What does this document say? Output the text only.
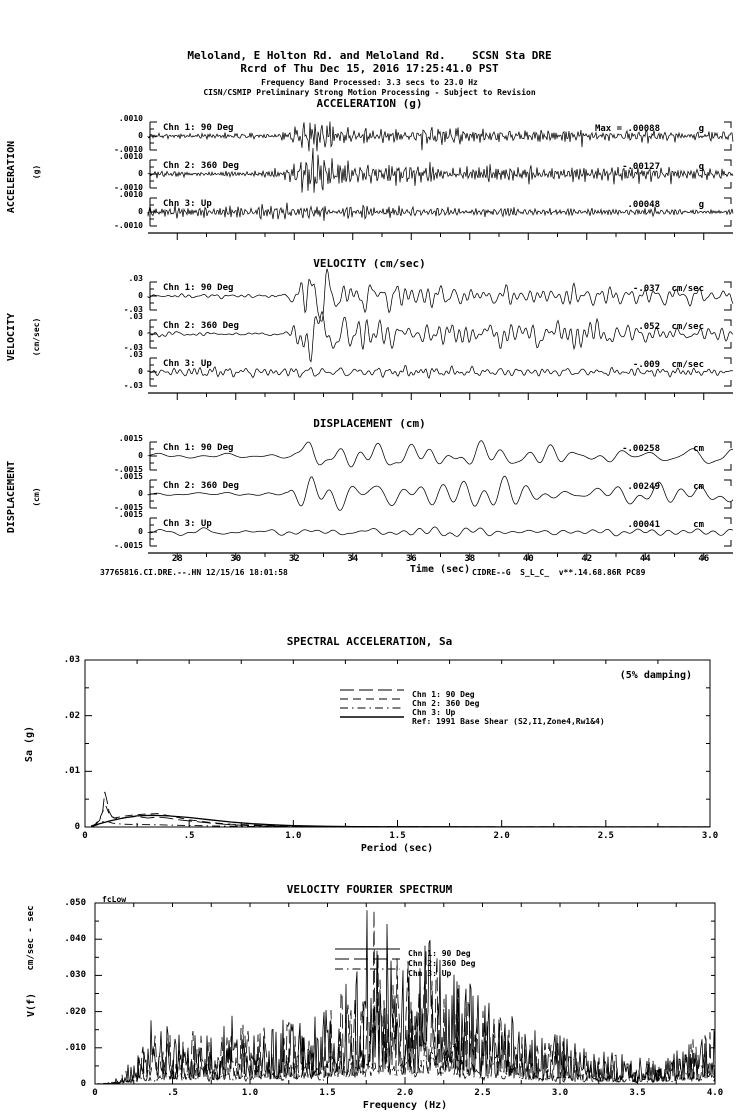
Meloland, E Holton Rd. and Meloland Rd.    SCSN Sta DRE
Rcrd of Thu Dec 15, 2016 17:25:41.0 PST
Frequency Band Processed: 3.3 secs to 23.0 Hz
CISN/CSMIP Preliminary Strong Motion Processing - Subject to Revision
ACCELERATION (g)
VELOCITY (cm/sec)
DISPLACEMENT (cm)
ACCELERATION (g)
VELOCITY (cm/sec)
DISPLACEMENT (cm)
.0010
0
-.0010
.0010
0
-.0010
.0010
0
-.0010
.03
0
-.03
.03
0
-.03
.03
0
-.03
.0015
0
-.0015
.0015
0
-.0015
.0015
0
-.0015
28	30	32	34	36	38	40	42	44	46
Time (sec)
37765816.CI.DRE.--.HN 12/15/16 18:01:58	CIDRE--G  S_L_C_  v**.14.68.86R PC89
SPECTRAL ACCELERATION, Sa
(5% damping)
Sa (g)
Period (sec)
.03
.02
.01
0
0	.5	1.0	1.5	2.0	2.5	3.0
Chn 1: 90 Deg
Chn 2: 360 Deg
Chn 3: Up
Ref: 1991 Base Shear (S2,I1,Zone4,Rw1&4)
VELOCITY FOURIER SPECTRUM
fcLow
cm/sec - sec
V(f)
Frequency (Hz)
.050
.040
.030
.020
.010
0
0	.5	1.0	1.5	2.0	2.5	3.0	3.5	4.0
Chn 1: 90 Deg
Chn 2: 360 Deg
Chn 3: Up
Chn 1: 90 Deg	Max = .00088	g
Chn 2: 360 Deg	-.00127	g
Chn 3: Up	.00048	g
Chn 1: 90 Deg	-.037 cm/sec
Chn 2: 360 Deg	.052 cm/sec
Chn 3: Up	-.009 cm/sec
Chn 1: 90 Deg	-.00258	cm
Chn 2: 360 Deg	.00249	cm
Chn 3: Up	.00041	cm
